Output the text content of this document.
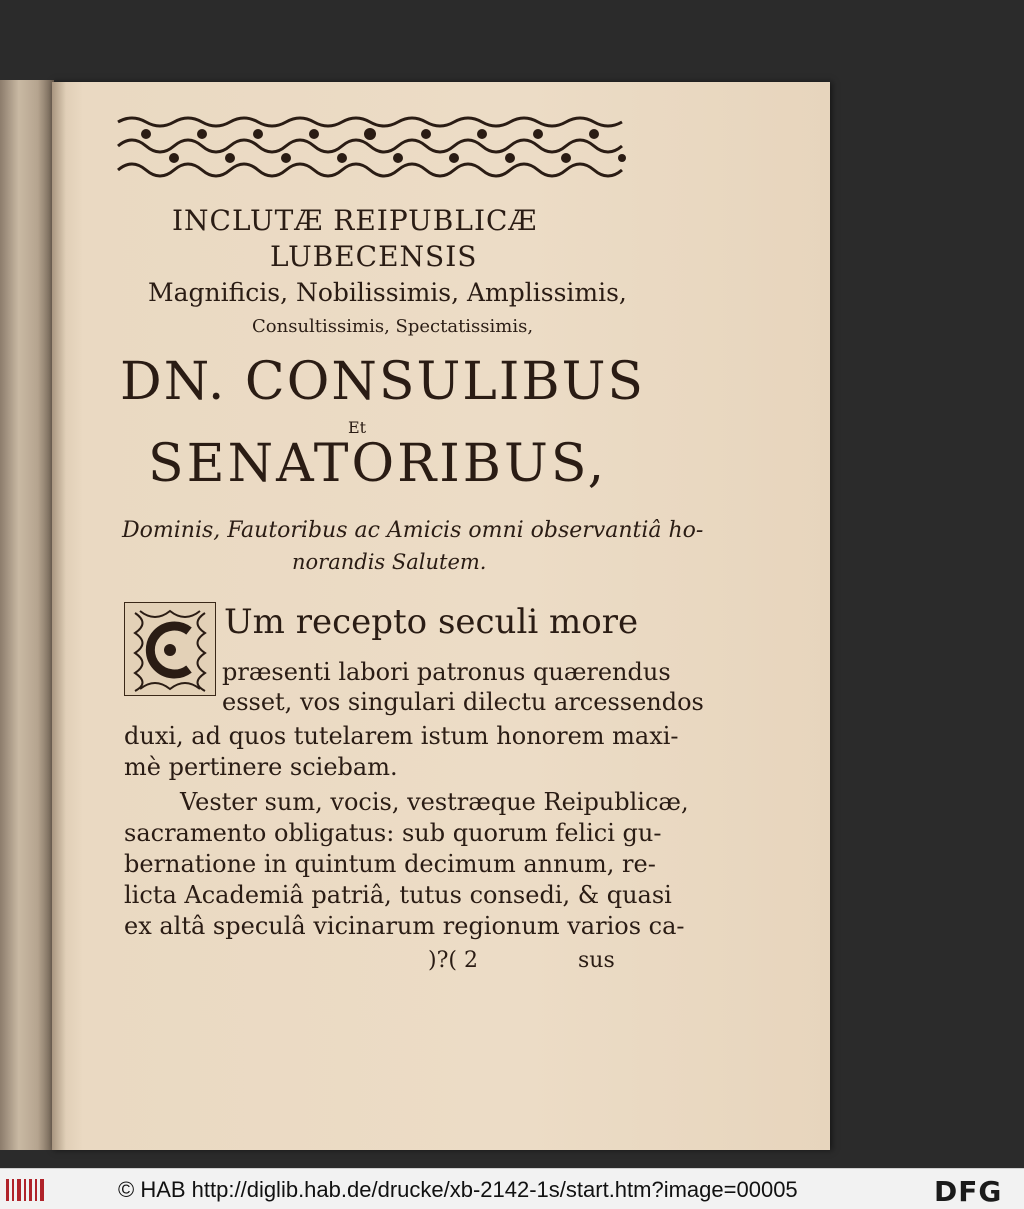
INCLUTÆ REIPUBLICÆ
LUBECENSIS
Magnificis, Nobilissimis, Amplissimis,
Consultissimis, Spectatissimis,
DN. CONSULIBUS
Et
SENATORIBUS,
Dominis, Fautoribus ac Amicis omni observantiâ ho-
norandis Salutem.
Um recepto seculi more
præsenti labori patronus quærendus
esset, vos singulari dilectu arcessendos
duxi, ad quos tutelarem istum honorem maxi-
mè pertinere sciebam.
Vester sum, vocis, vestræque Reipublicæ,
sacramento obligatus: sub quorum felici gu-
bernatione in quintum decimum annum, re-
licta Academiâ patriâ, tutus consedi, & quasi
ex altâ speculâ vicinarum regionum varios ca-
)?( 2	sus
© HAB http://diglib.hab.de/drucke/xb-2142-1s/start.htm?image=00005	DFG
